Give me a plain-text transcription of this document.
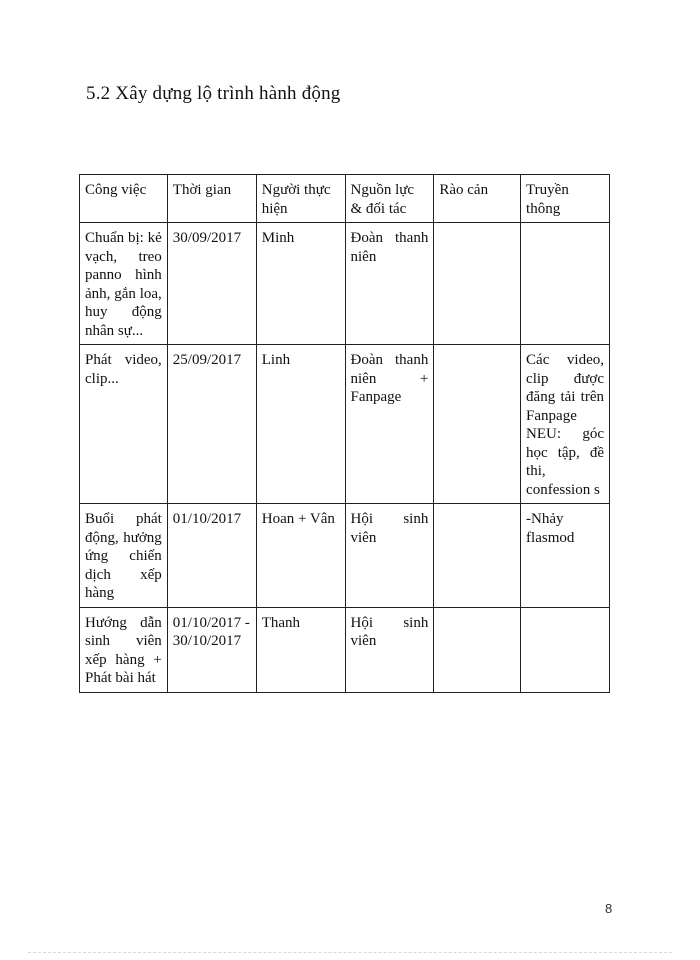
5.2 Xây dựng lộ trình hành động
Công việc	Thời gian	Người thực hiện	Nguồn lực & đối tác	Rào cản	Truyền thông
Chuẩn bị: kẻ vạch, treo panno hình ảnh, gắn loa, huy động nhân sự...	30/09/2017	Minh	Đoàn thanh niên		
Phát video, clip...	25/09/2017	Linh	Đoàn thanh niên + Fanpage		Các video, clip được đăng tải trên Fanpage NEU: góc học tập, đề thi, confession s
Buổi phát động, hưởng ứng chiến dịch xếp hàng	01/10/2017	Hoan + Vân	Hội sinh viên		-Nhảy flasmod
Hướng dẫn sinh viên xếp hàng + Phát bài hát	01/10/2017 - 30/10/2017	Thanh	Hội sinh viên		
8
